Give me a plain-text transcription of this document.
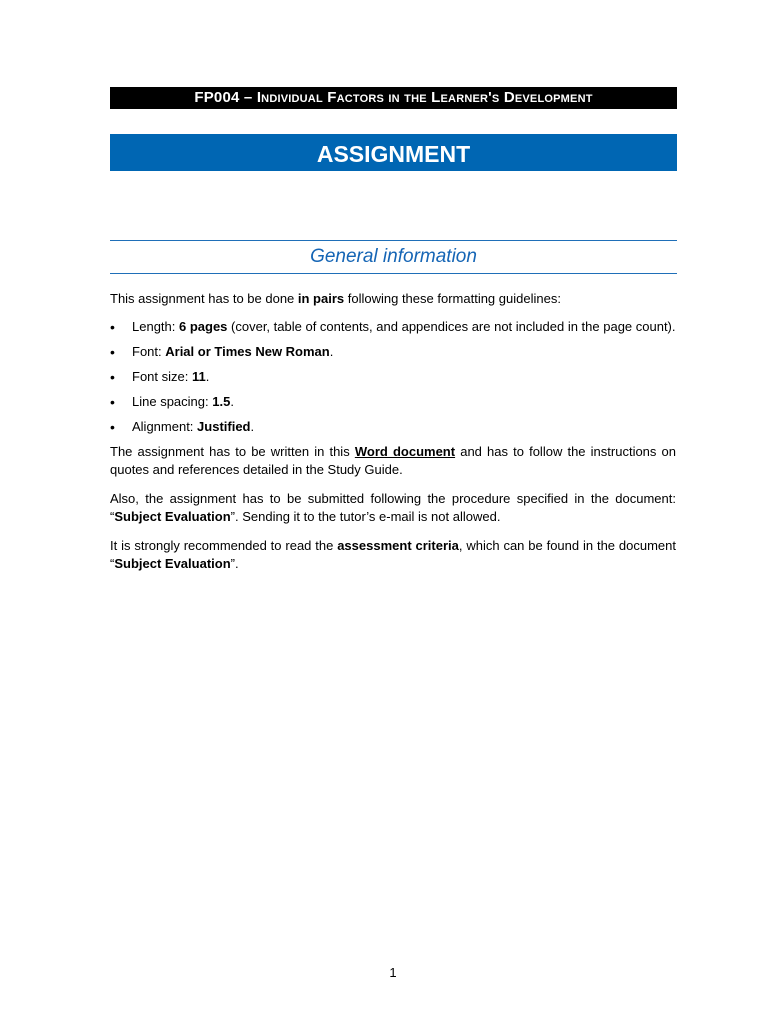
FP004 – Individual Factors in the Learner's Development
ASSIGNMENT
General information

This assignment has to be done in pairs following these formatting guidelines:

• Length: 6 pages (cover, table of contents, and appendices are not included in the page count).
• Font: Arial or Times New Roman.
• Font size: 11.
• Line spacing: 1.5.
• Alignment: Justified.

The assignment has to be written in this Word document and has to follow the instructions on quotes and references detailed in the Study Guide.

Also, the assignment has to be submitted following the procedure specified in the document: “Subject Evaluation”. Sending it to the tutor’s e-mail is not allowed.

It is strongly recommended to read the assessment criteria, which can be found in the document “Subject Evaluation”.

1
